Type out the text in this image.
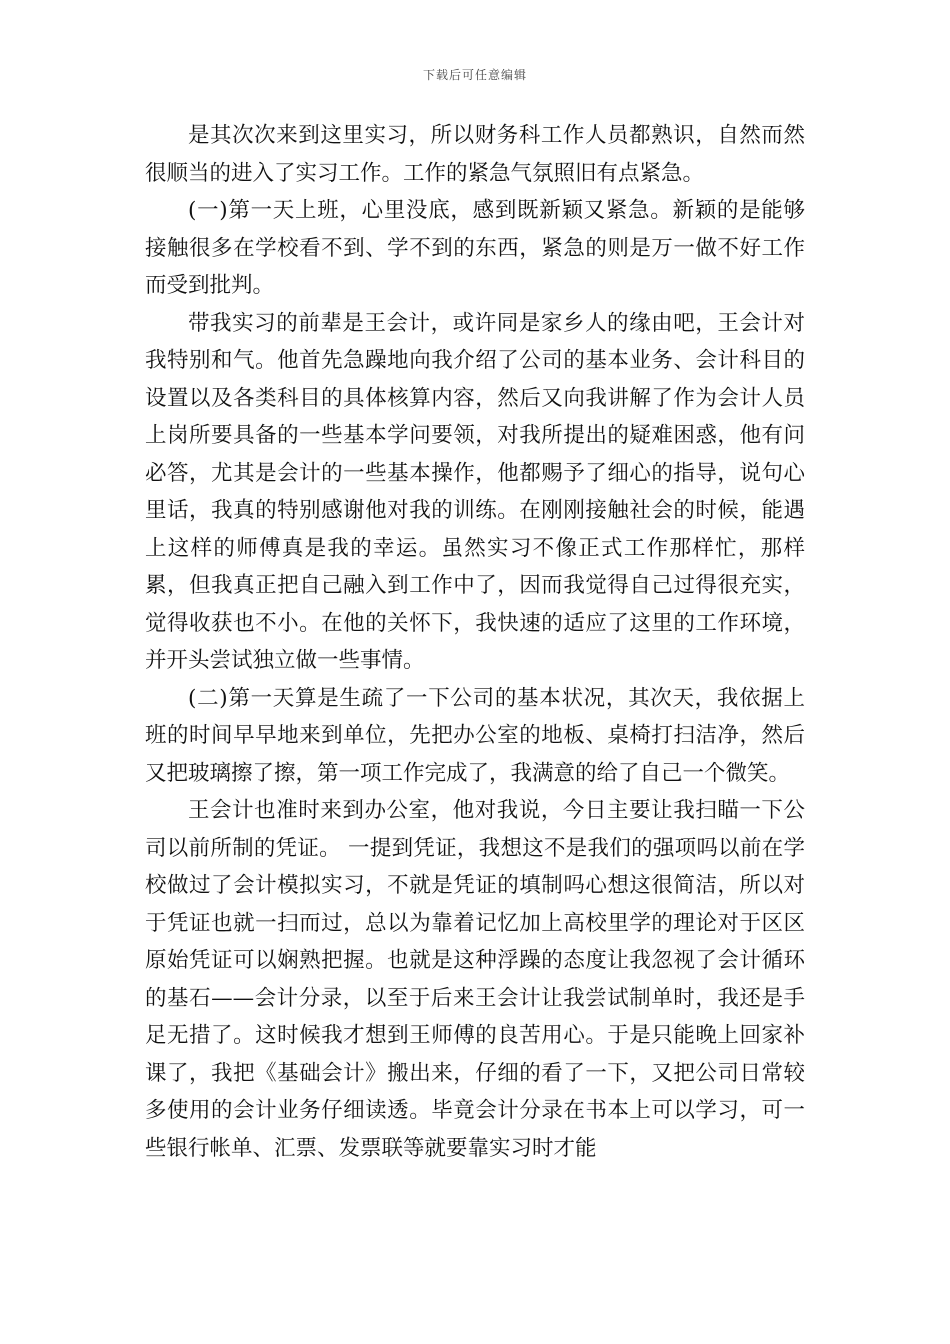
下载后可任意编辑

是其次次来到这里实习，所以财务科工作人员都熟识，自然而然很顺当的进入了实习工作。工作的紧急气氛照旧有点紧急。

(一)第一天上班，心里没底，感到既新颖又紧急。新颖的是能够接触很多在学校看不到、学不到的东西，紧急的则是万一做不好工作而受到批判。

带我实习的前辈是王会计，或许同是家乡人的缘由吧，王会计对我特别和气。他首先急躁地向我介绍了公司的基本业务、会计科目的设置以及各类科目的具体核算内容，然后又向我讲解了作为会计人员上岗所要具备的一些基本学问要领，对我所提出的疑难困惑，他有问必答，尤其是会计的一些基本操作，他都赐予了细心的指导，说句心里话，我真的特别感谢他对我的训练。在刚刚接触社会的时候，能遇上这样的师傅真是我的幸运。虽然实习不像正式工作那样忙，那样累，但我真正把自己融入到工作中了，因而我觉得自己过得很充实，觉得收获也不小。在他的关怀下，我快速的适应了这里的工作环境，并开头尝试独立做一些事情。

(二)第一天算是生疏了一下公司的基本状况，其次天，我依据上班的时间早早地来到单位，先把办公室的地板、桌椅打扫洁净，然后又把玻璃擦了擦，第一项工作完成了，我满意的给了自己一个微笑。

王会计也准时来到办公室，他对我说，今日主要让我扫瞄一下公司以前所制的凭证。 一提到凭证，我想这不是我们的强项吗以前在学校做过了会计模拟实习，不就是凭证的填制吗心想这很简洁，所以对于凭证也就一扫而过，总以为靠着记忆加上高校里学的理论对于区区原始凭证可以娴熟把握。也就是这种浮躁的态度让我忽视了会计循环的基石——会计分录，以至于后来王会计让我尝试制单时，我还是手足无措了。这时候我才想到王师傅的良苦用心。于是只能晚上回家补课了，我把《基础会计》搬出来，仔细的看了一下，又把公司日常较多使用的会计业务仔细读透。毕竟会计分录在书本上可以学习，可一些银行帐单、汇票、发票联等就要靠实习时才能
